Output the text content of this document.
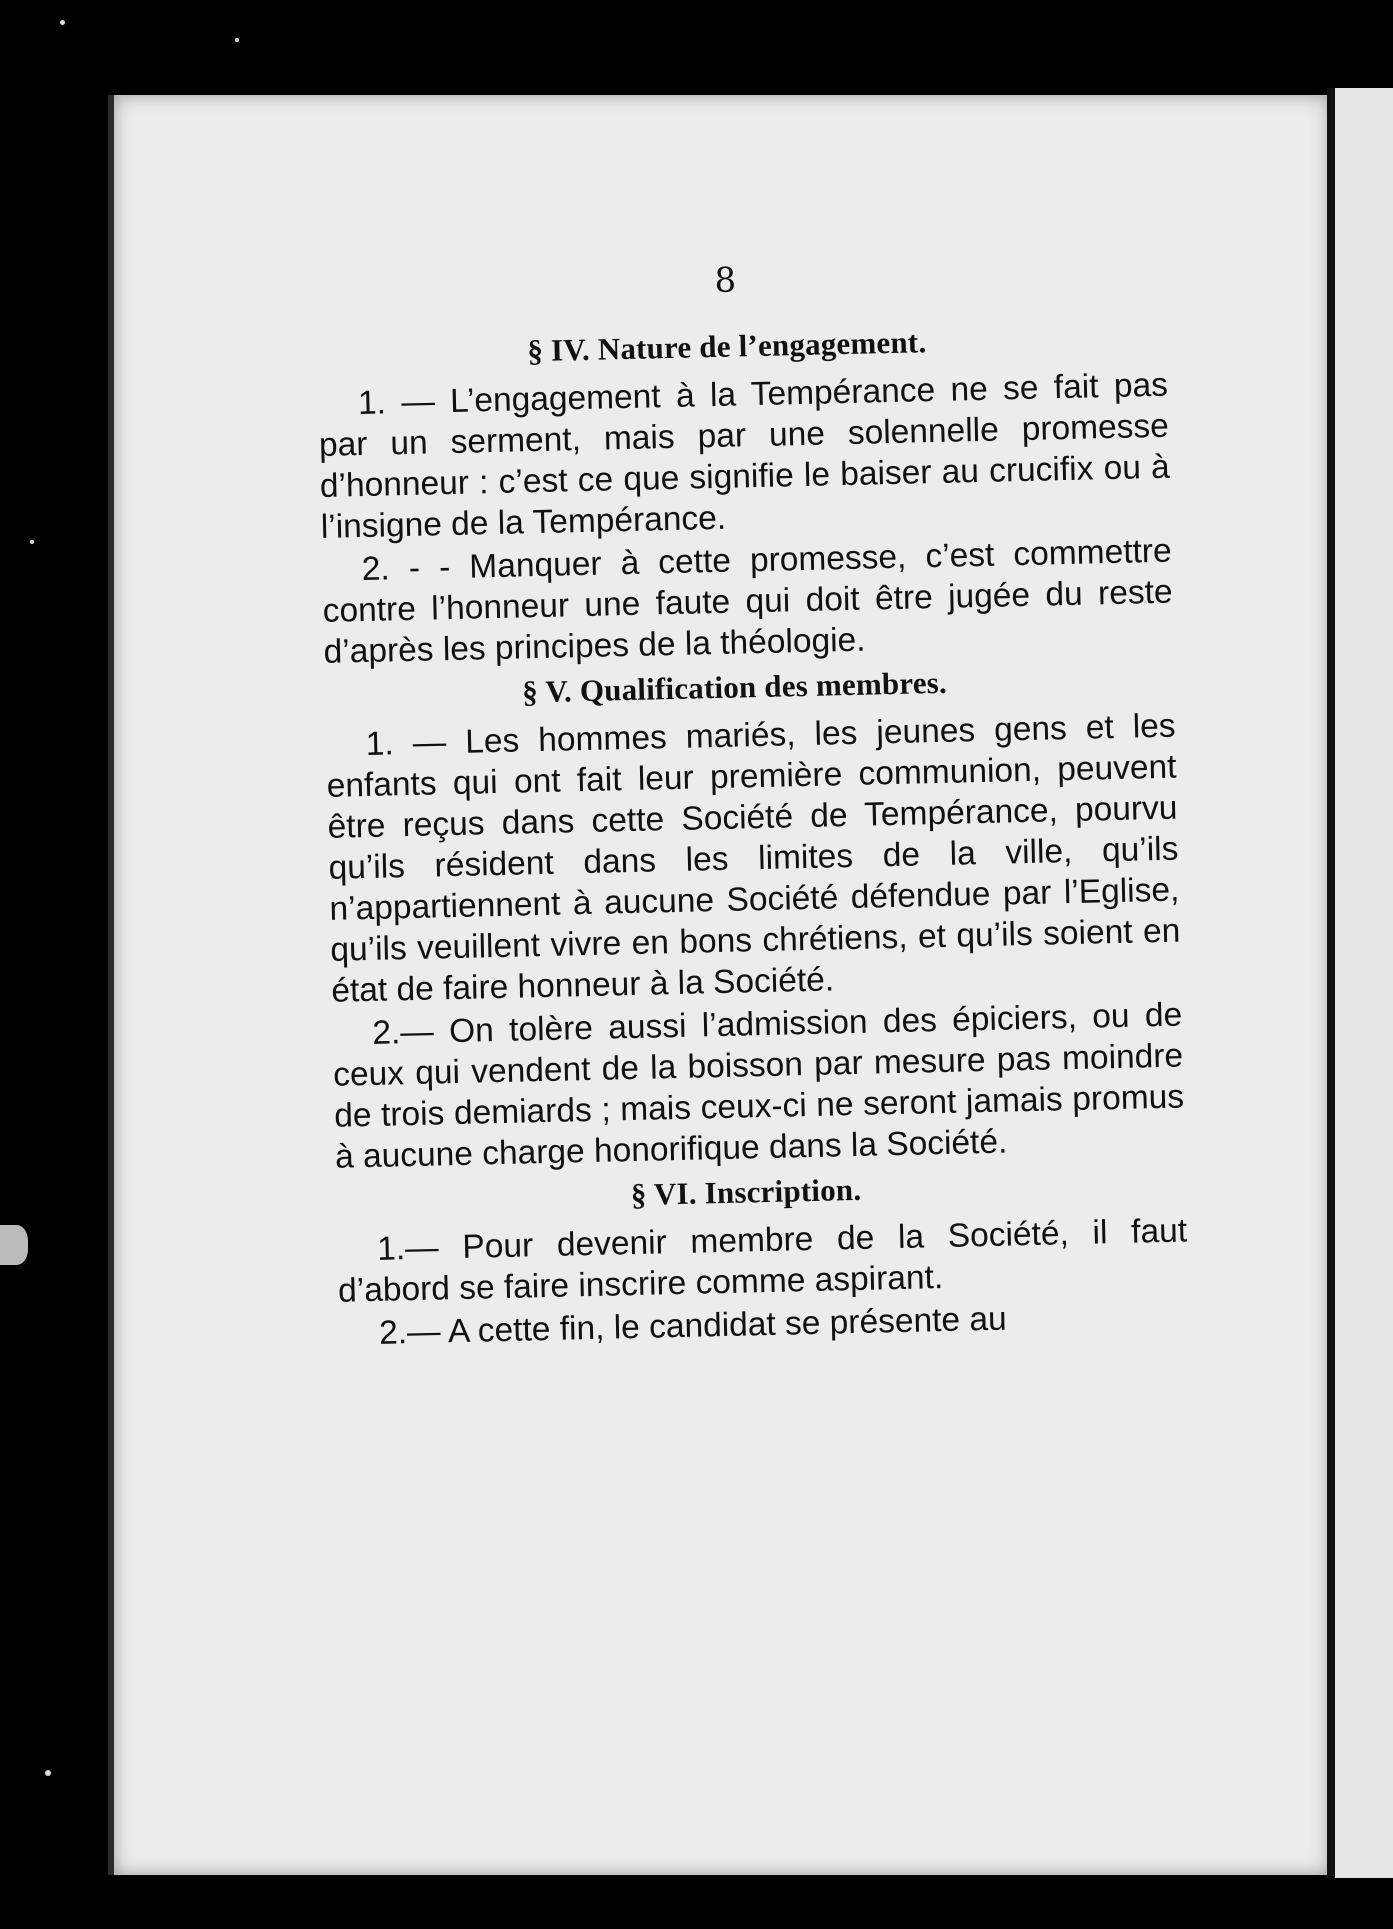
8
§ IV. Nature de l’engagement.

1. — L’engagement à la Tempérance ne se fait pas par un serment, mais par une solennelle promesse d’honneur : c’est ce que signifie le baiser au crucifix ou à l’insigne de la Tempérance.

2. - - Manquer à cette promesse, c’est commettre contre l’honneur une faute qui doit être jugée du reste d’après les principes de la théologie.

§ V. Qualification des membres.

1. — Les hommes mariés, les jeunes gens et les enfants qui ont fait leur première communion, peuvent être reçus dans cette Société de Tempérance, pourvu qu’ils résident dans les limites de la ville, qu’ils n’appartiennent à aucune Société défendue par l’Eglise, qu’ils veuillent vivre en bons chrétiens, et qu’ils soient en état de faire honneur à la Société.

2.— On tolère aussi l’admission des épiciers, ou de ceux qui vendent de la boisson par mesure pas moindre de trois demiards ; mais ceux-ci ne seront jamais promus à aucune charge honorifique dans la Société.

§ VI. Inscription.

1.— Pour devenir membre de la Société, il faut d’abord se faire inscrire comme aspirant.

2.— A cette fin, le candidat se présente au
